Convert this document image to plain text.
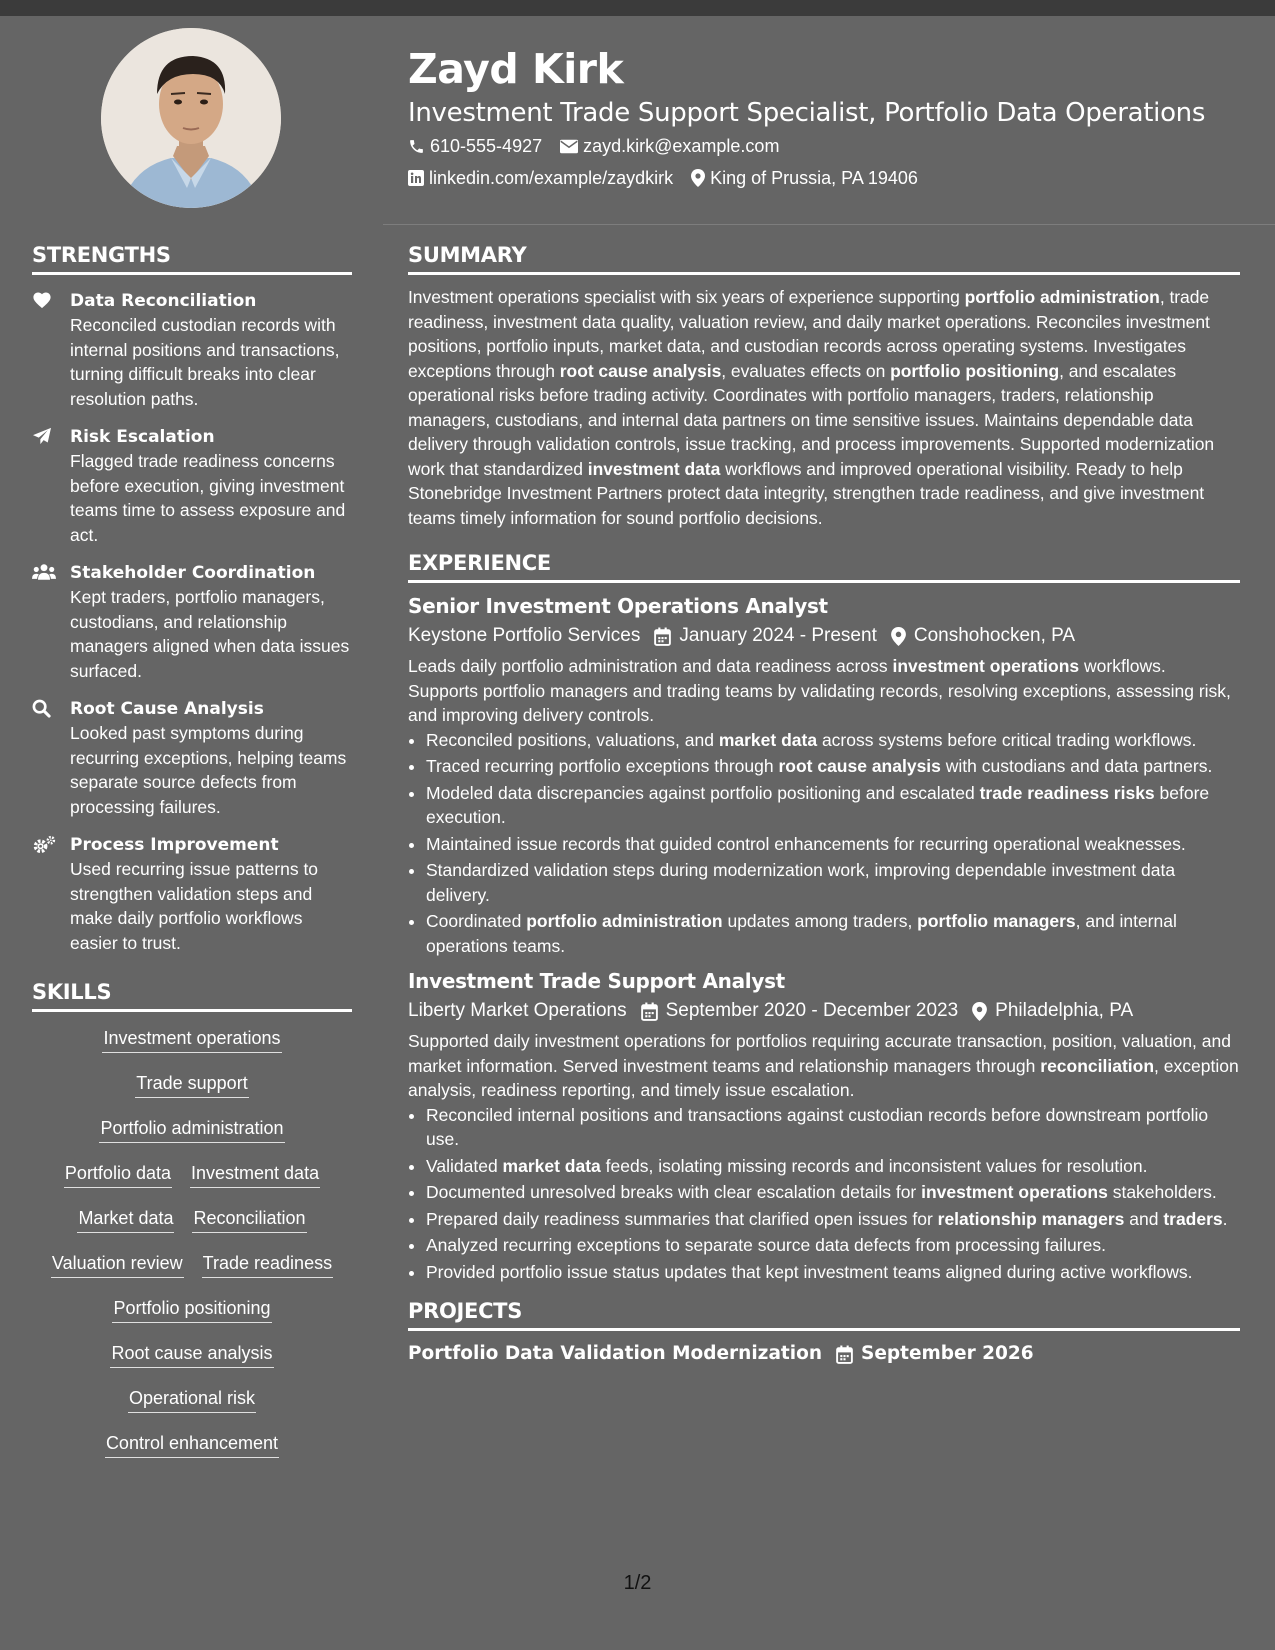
Zayd Kirk
Investment Trade Support Specialist, Portfolio Data Operations
610-555-4927 zayd.kirk@example.com
linkedin.com/example/zaydkirk King of Prussia, PA 19406
STRENGTHS
Data Reconciliation
Reconciled custodian records with internal positions and transactions, turning difficult breaks into clear resolution paths.
Risk Escalation
Flagged trade readiness concerns before execution, giving investment teams time to assess exposure and act.
Stakeholder Coordination
Kept traders, portfolio managers, custodians, and relationship managers aligned when data issues surfaced.
Root Cause Analysis
Looked past symptoms during recurring exceptions, helping teams separate source defects from processing failures.
Process Improvement
Used recurring issue patterns to strengthen validation steps and make daily portfolio workflows easier to trust.
SKILLS
Investment operations
Trade support
Portfolio administration
Portfolio data Investment data
Market data Reconciliation
Valuation review Trade readiness
Portfolio positioning
Root cause analysis
Operational risk
Control enhancement
SUMMARY
Investment operations specialist with six years of experience supporting portfolio administration, trade readiness, investment data quality, valuation review, and daily market operations. Reconciles investment positions, portfolio inputs, market data, and custodian records across operating systems. Investigates exceptions through root cause analysis, evaluates effects on portfolio positioning, and escalates operational risks before trading activity. Coordinates with portfolio managers, traders, relationship managers, custodians, and internal data partners on time sensitive issues. Maintains dependable data delivery through validation controls, issue tracking, and process improvements. Supported modernization work that standardized investment data workflows and improved operational visibility. Ready to help Stonebridge Investment Partners protect data integrity, strengthen trade readiness, and give investment teams timely information for sound portfolio decisions.
EXPERIENCE
Senior Investment Operations Analyst
Keystone Portfolio Services January 2024 - Present Conshohocken, PA
Leads daily portfolio administration and data readiness across investment operations workflows. Supports portfolio managers and trading teams by validating records, resolving exceptions, assessing risk, and improving delivery controls.
• Reconciled positions, valuations, and market data across systems before critical trading workflows.
• Traced recurring portfolio exceptions through root cause analysis with custodians and data partners.
• Modeled data discrepancies against portfolio positioning and escalated trade readiness risks before execution.
• Maintained issue records that guided control enhancements for recurring operational weaknesses.
• Standardized validation steps during modernization work, improving dependable investment data delivery.
• Coordinated portfolio administration updates among traders, portfolio managers, and internal operations teams.
Investment Trade Support Analyst
Liberty Market Operations September 2020 - December 2023 Philadelphia, PA
Supported daily investment operations for portfolios requiring accurate transaction, position, valuation, and market information. Served investment teams and relationship managers through reconciliation, exception analysis, readiness reporting, and timely issue escalation.
• Reconciled internal positions and transactions against custodian records before downstream portfolio use.
• Validated market data feeds, isolating missing records and inconsistent values for resolution.
• Documented unresolved breaks with clear escalation details for investment operations stakeholders.
• Prepared daily readiness summaries that clarified open issues for relationship managers and traders.
• Analyzed recurring exceptions to separate source data defects from processing failures.
• Provided portfolio issue status updates that kept investment teams aligned during active workflows.
PROJECTS
Portfolio Data Validation Modernization September 2026
1/2
